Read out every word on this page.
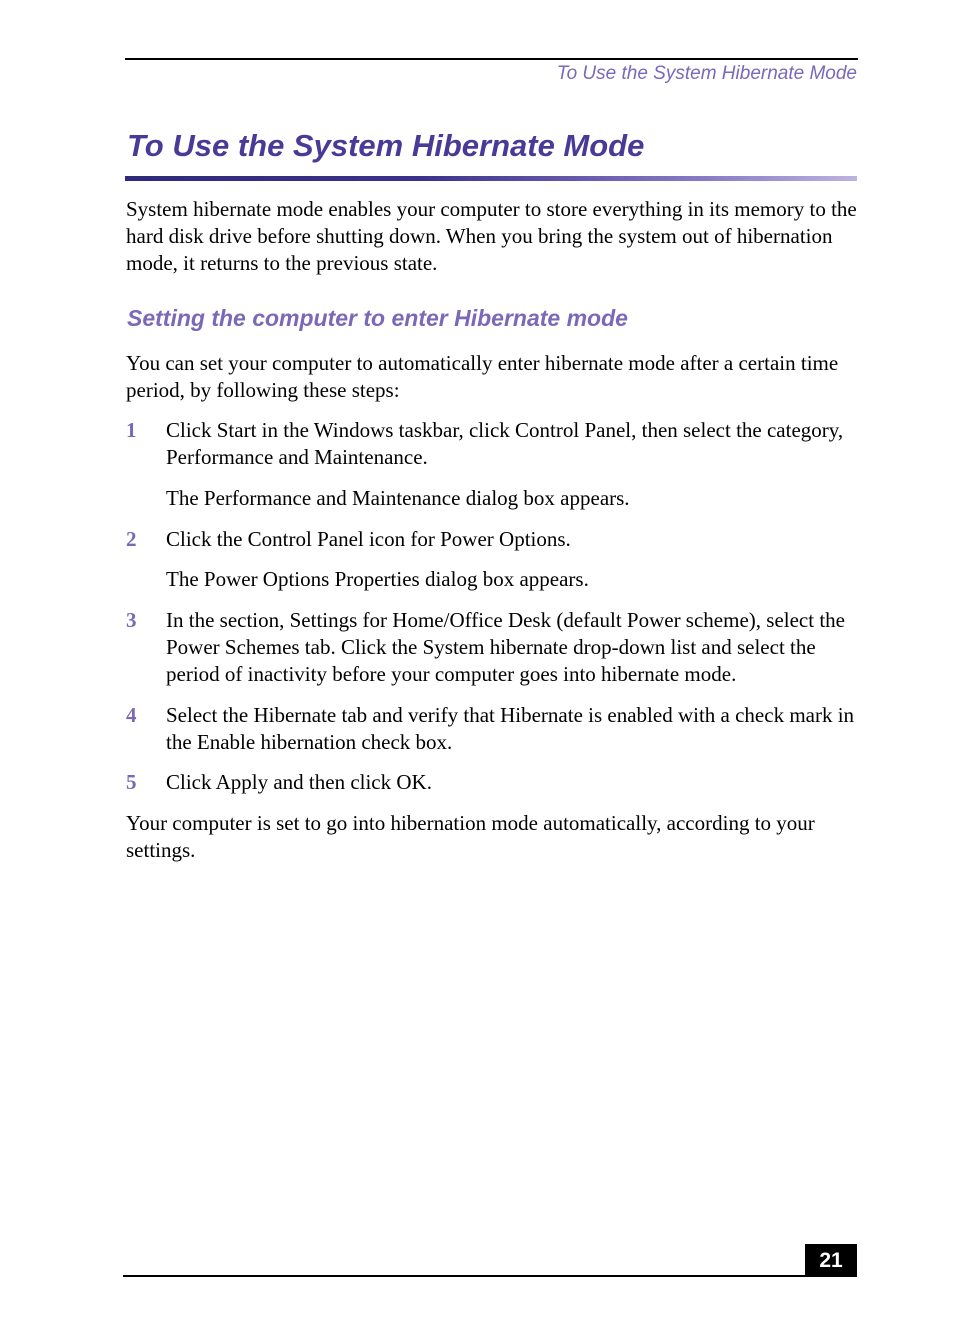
To Use the System Hibernate Mode
To Use the System Hibernate Mode

System hibernate mode enables your computer to store everything in its memory to the hard disk drive before shutting down. When you bring the system out of hibernation mode, it returns to the previous state.

Setting the computer to enter Hibernate mode

You can set your computer to automatically enter hibernate mode after a certain time period, by following these steps:

1 Click Start in the Windows taskbar, click Control Panel, then select the category, Performance and Maintenance.
The Performance and Maintenance dialog box appears.
2 Click the Control Panel icon for Power Options.
The Power Options Properties dialog box appears.
3 In the section, Settings for Home/Office Desk (default Power scheme), select the Power Schemes tab. Click the System hibernate drop-down list and select the period of inactivity before your computer goes into hibernate mode.
4 Select the Hibernate tab and verify that Hibernate is enabled with a check mark in the Enable hibernation check box.
5 Click Apply and then click OK.

Your computer is set to go into hibernation mode automatically, according to your settings.

21
